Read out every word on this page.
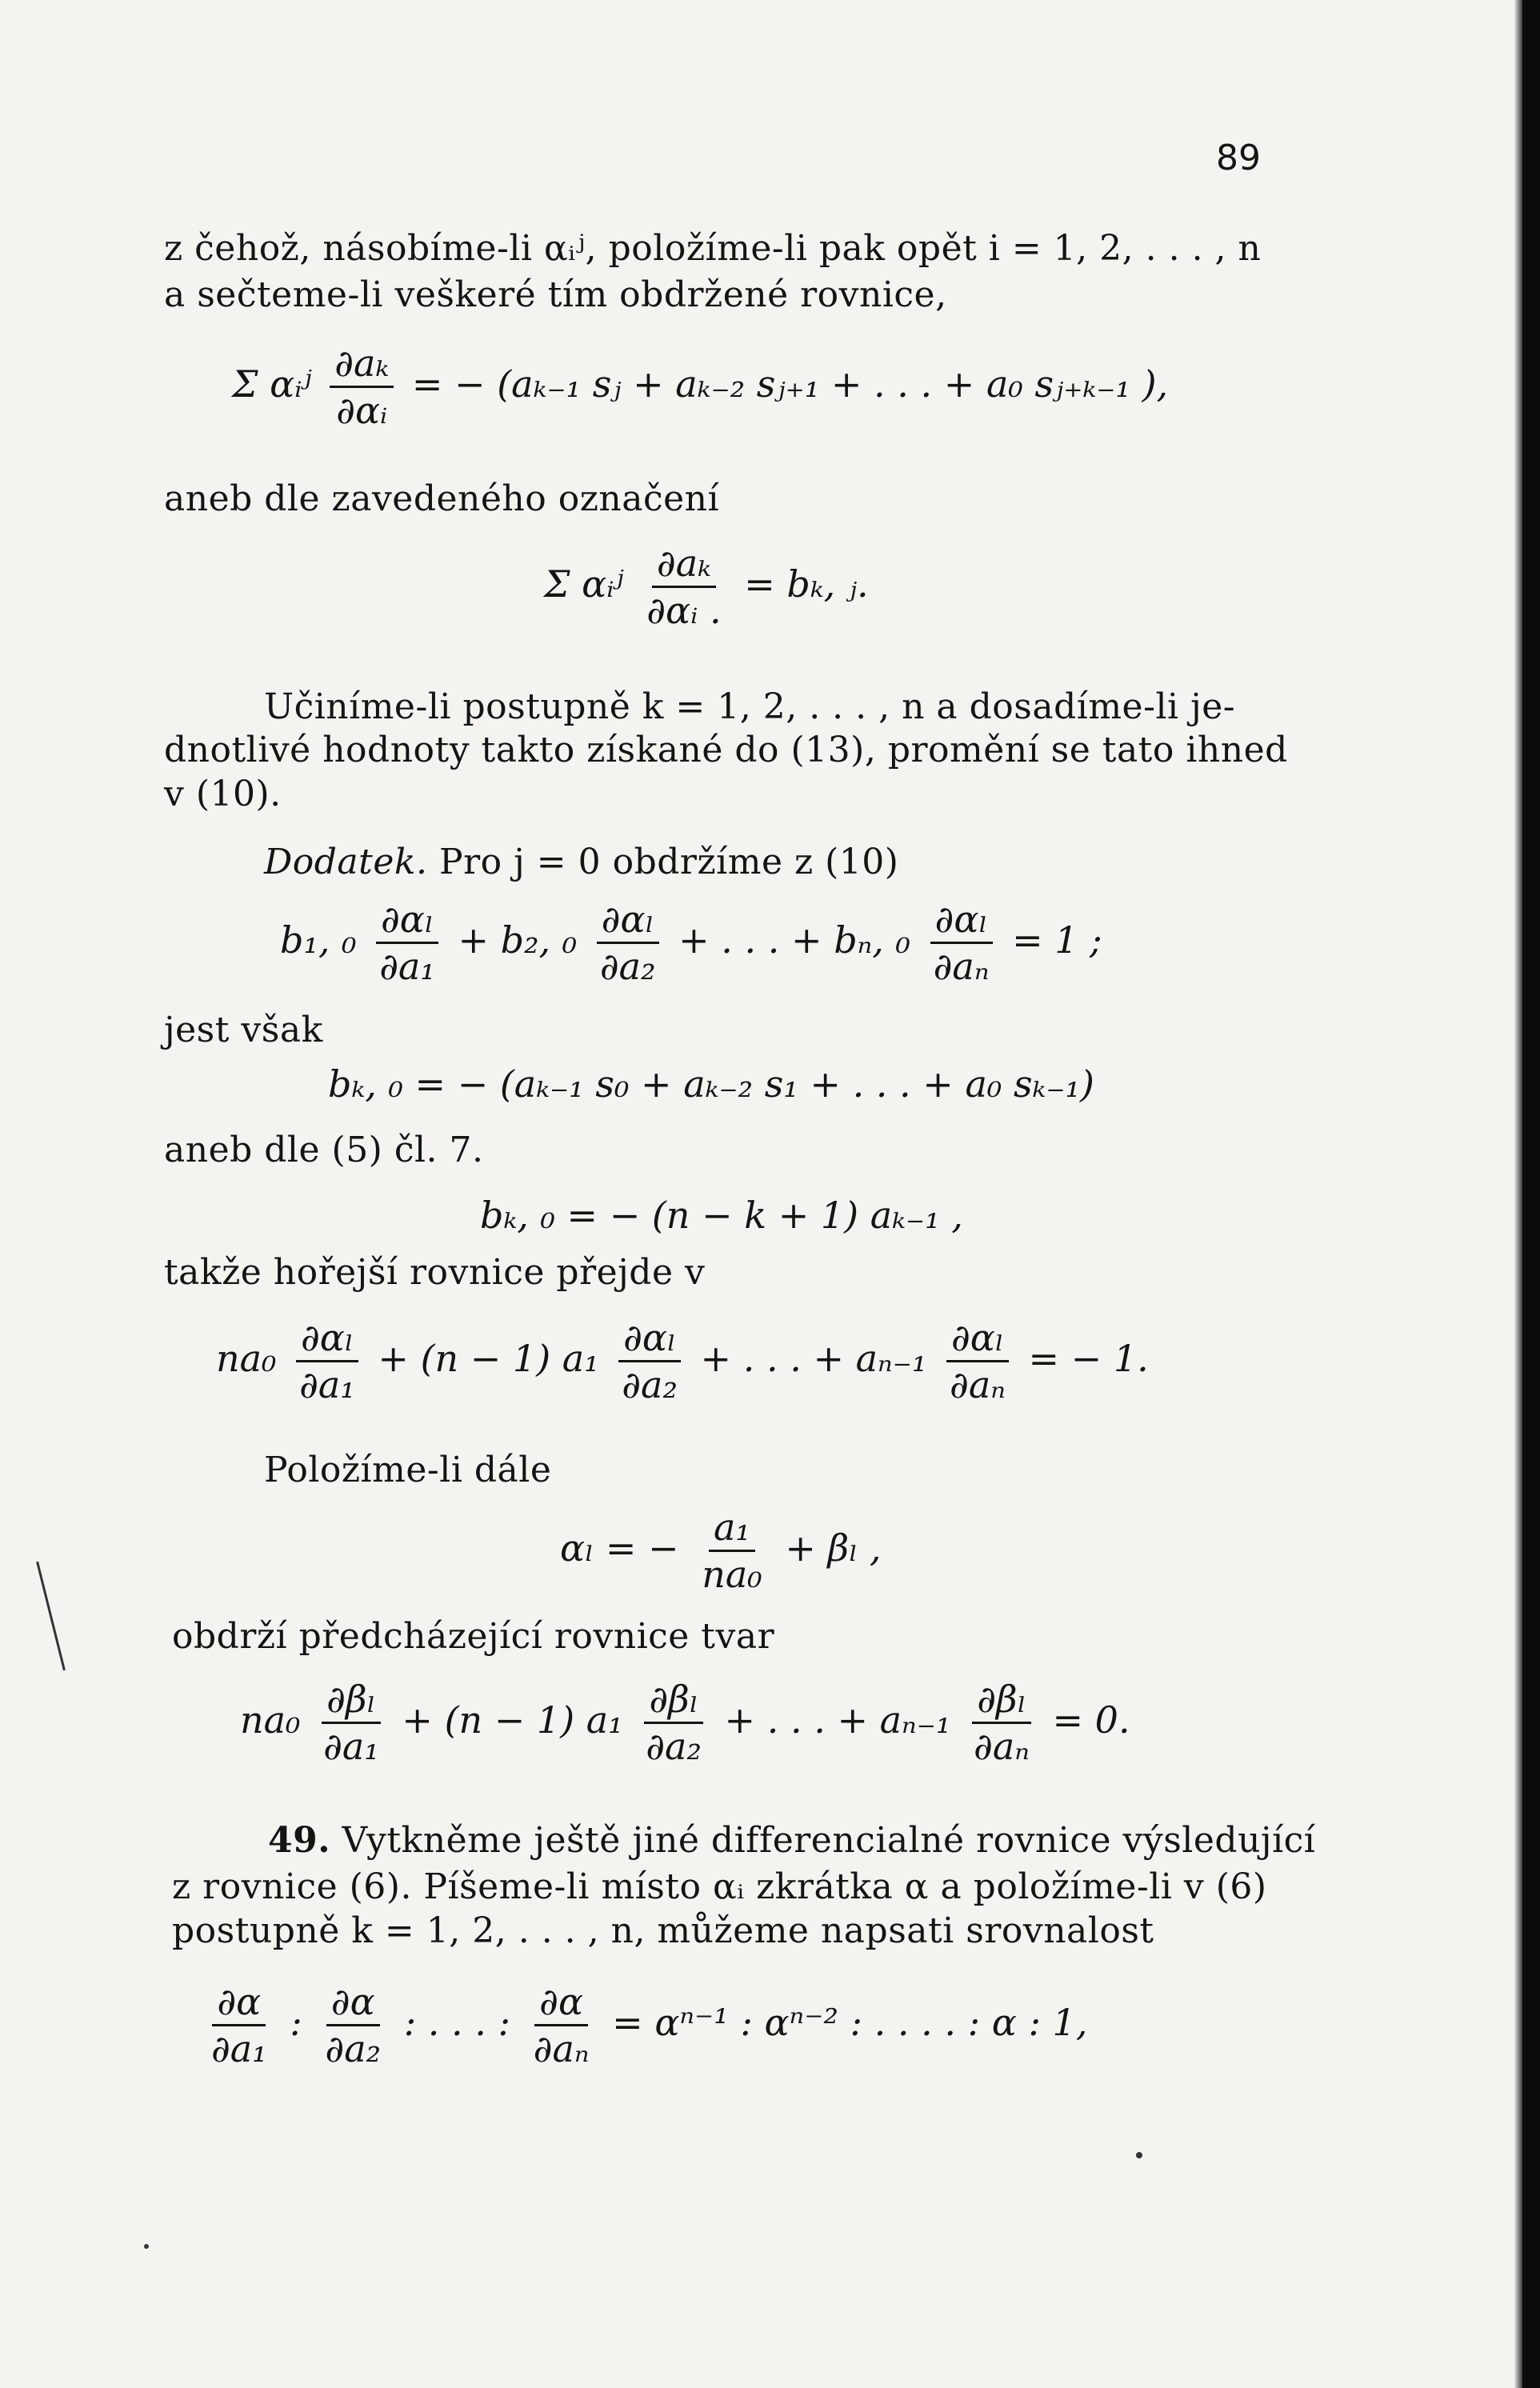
89
z čehož, násobíme-li αᵢʲ, položíme-li pak opět i = 1, 2, . . . , n
a sečteme-li veškeré tím obdržené rovnice,
Σ αᵢʲ $\frac{\text{∂aₖ}}{\text{∂αᵢ}}$ = − (aₖ₋₁ sⱼ + aₖ₋₂ sⱼ₊₁ + . . . + a₀ sⱼ₊ₖ₋₁ ),
aneb dle zavedeného označení
Σ αᵢʲ $\frac{\text{∂aₖ}}{\text{∂αᵢ .}} = b_k$, ⱼ.
Učiníme-li postupně k = 1, 2, . . . , n a dosadíme-li je-
dnotlivé hodnoty takto získané do (13), promění se tato ihned
v (10).
Dodatek. Pro j = 0 obdržíme z (10)
b₁, $_0 \frac{\text{∂αₗ}}{\text{∂a₁}} + b_2$, $_0 \frac{\text{∂αₗ}}{\text{∂a₂}}$ + . . . + bₙ, $_0 \frac{\text{∂αₗ}}{\text{∂aₙ}} = 1$ ;
jest však
bₖ, ₀ = − (aₖ₋₁ s₀ + aₖ₋₂ s₁ + . . . + a₀ sₖ₋₁)
aneb dle (5) čl. 7.
bₖ, ₀ = − (n − k + 1) aₖ₋₁ ,
takže hořejší rovnice přejde v
$na_0 \frac{\text{∂αₗ}}{\text{∂a₁}} + (n - 1)$ $a_1 \frac{\text{∂αₗ}}{\text{∂a₂}}$ + . . . + $a_{n-1} \frac{\text{∂αₗ}}{\text{∂aₙ}}$ = − 1.
Položíme-li dále
αₗ = − $\frac{\text{a₁}}{\text{na₀}} + \beta_l$ ,
obdrží předcházející rovnice tvar
$na_0 \frac{\text{∂βₗ}}{\text{∂a₁}} + (n - 1)$ $a_1 \frac{\text{∂βₗ}}{\text{∂a₂}}$ + . . . + $a_{n-1} \frac{\text{∂βₗ}}{\text{∂aₙ}} = 0$.
49. Vytkněme ještě jiné differencialné rovnice výsledující
z rovnice (6). Píšeme-li místo αᵢ zkrátka α a položíme-li v (6)
postupně k = 1, 2, . . . , n, můžeme napsati srovnalost
$\frac{\partial\alpha}{\text{∂a₁}}$ : $\frac{\partial\alpha}{\text{∂a₂}}$ : . . . : $\frac{\partial\alpha}{\text{∂aₙ}} = \alpha^{n-1}$ : αⁿ⁻² : . . . . : α : 1,
